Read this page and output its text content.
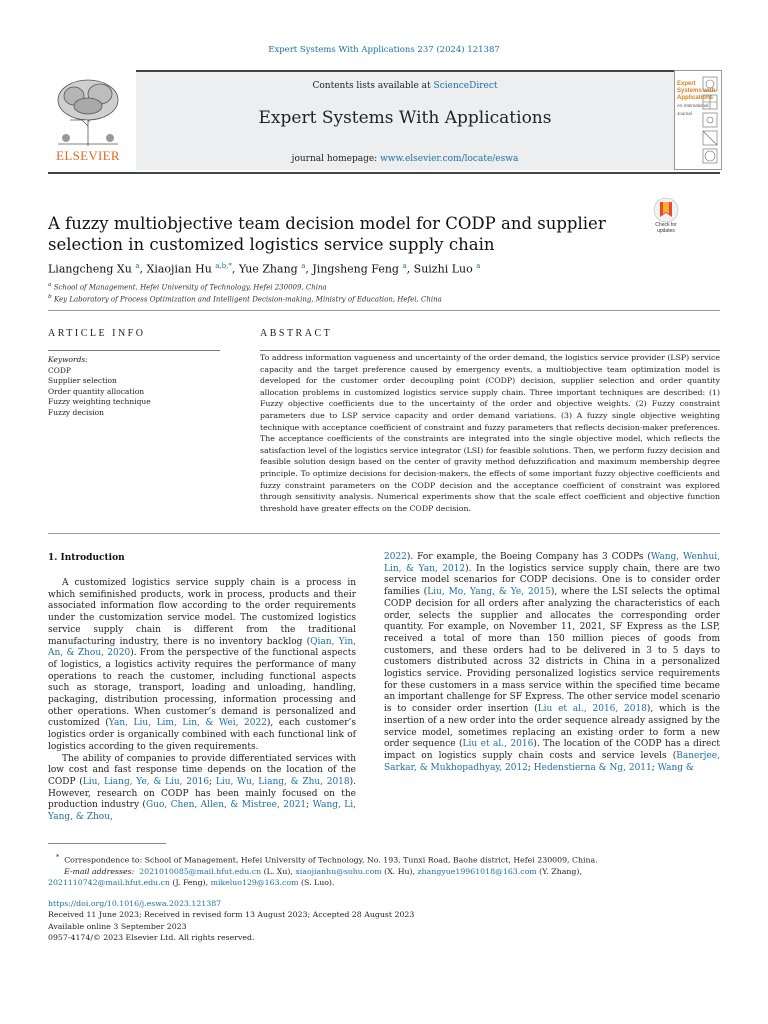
Expert Systems With Applications 237 (2024) 121387
ELSEVIER
Contents lists available at ScienceDirect
Expert Systems With Applications
journal homepage: www.elsevier.com/locate/eswa
Expert Systems with Applications
An International Journal
A fuzzy multiobjective team decision model for CODP and supplier selection in customized logistics service supply chain
Check for updates
Liangcheng Xu $^a$, Xiaojian Hu $^{a,b,*}$, Yue Zhang $^a$, Jingsheng Feng $^a$, Suizhi Luo $^a$
$^a$ School of Management, Hefei University of Technology, Hefei 230009, China
$^b$ Key Laboratory of Process Optimization and Intelligent Decision-making, Ministry of Education, Hefei, China
ARTICLE INFO	ABSTRACT
Keywords:
CODP
Supplier selection
Order quantity allocation
Fuzzy weighting technique
Fuzzy decision
To address information vagueness and uncertainty of the order demand, the logistics service provider (LSP) service capacity and the target preference caused by emergency events, a multiobjective team optimization model is developed for the customer order decoupling point (CODP) decision, supplier selection and order quantity allocation problems in customized logistics service supply chain. Three important techniques are described: (1) Fuzzy objective coefficients due to the uncertainty of the order and objective weights. (2) Fuzzy constraint parameters due to LSP service capacity and order demand variations. (3) A fuzzy single objective weighting technique with acceptance coefficient of constraint and fuzzy parameters that reflects decision-maker preferences. The acceptance coefficients of the constraints are integrated into the single objective model, which reflects the satisfaction level of the logistics service integrator (LSI) for feasible solutions. Then, we perform fuzzy decision and feasible solution design based on the center of gravity method defuzzification and maximum membership degree principle. To optimize decisions for decision-makers, the effects of some important fuzzy objective coefficients and fuzzy constraint parameters on the CODP decision and the acceptance coefficient of constraint was explored through sensitivity analysis. Numerical experiments show that the scale effect coefficient and objective function threshold have greater effects on the CODP decision.
1. Introduction

A customized logistics service supply chain is a process in which semifinished products, work in process, products and their associated information flow according to the order requirements under the customization service model. The customized logistics service supply chain is different from the traditional manufacturing industry, there is no inventory backlog (Qian, Yin, An, & Zhou, 2020). From the perspective of the functional aspects of logistics, a logistics activity requires the performance of many operations to reach the customer, including functional aspects such as storage, transport, loading and unloading, handling, packaging, distribution processing, information processing and other operations. When customer’s demand is personalized and customized (Yan, Liu, Lim, Lin, & Wei, 2022), each customer’s logistics order is organically combined with each functional link of logistics according to the given requirements.

The ability of companies to provide differentiated services with low cost and fast response time depends on the location of the CODP (Liu, Liang, Ye, & Liu, 2016; Liu, Wu, Liang, & Zhu, 2018). However, research on CODP has been mainly focused on the production industry (Guo, Chen, Allen, & Mistree, 2021; Wang, Li, Yang, & Zhou,

2022). For example, the Boeing Company has 3 CODPs (Wang, Wenhui, Lin, & Yan, 2012). In the logistics service supply chain, there are two service model scenarios for CODP decisions. One is to consider order families (Liu, Mo, Yang, & Ye, 2015), where the LSI selects the optimal CODP decision for all orders after analyzing the characteristics of each order, selects the supplier and allocates the corresponding order quantity. For example, on November 11, 2021, SF Express as the LSP, received a total of more than 150 million pieces of goods from customers, and these orders had to be delivered in 3 to 5 days to customers distributed across 32 districts in China in a personalized logistics service. Providing personalized logistics service requirements for these customers in a mass service within the specified time became an important challenge for SF Express. The other service model scenario is to consider order insertion (Liu et al., 2016, 2018), which is the insertion of a new order into the order sequence already assigned by the service model, sometimes replacing an existing order to form a new order sequence (Liu et al., 2016). The location of the CODP has a direct impact on logistics supply chain costs and service levels (Banerjee, Sarkar, & Mukhopadhyay, 2012; Hedenstierna & Ng, 2011; Wang &

* Correspondence to: School of Management, Hefei University of Technology, No. 193, Tunxi Road, Baohe district, Hefei 230009, China.
E-mail addresses: 2021010085@mail.hfut.edu.cn (L. Xu), xiaojianhu@sohu.com (X. Hu), zhangyue19961018@163.com (Y. Zhang),
2021110742@mail.hfut.edu.cn (J. Feng), mikeluo129@163.com (S. Luo).
https://doi.org/10.1016/j.eswa.2023.121387
Received 11 June 2023; Received in revised form 13 August 2023; Accepted 28 August 2023
Available online 3 September 2023
0957-4174/© 2023 Elsevier Ltd. All rights reserved.
